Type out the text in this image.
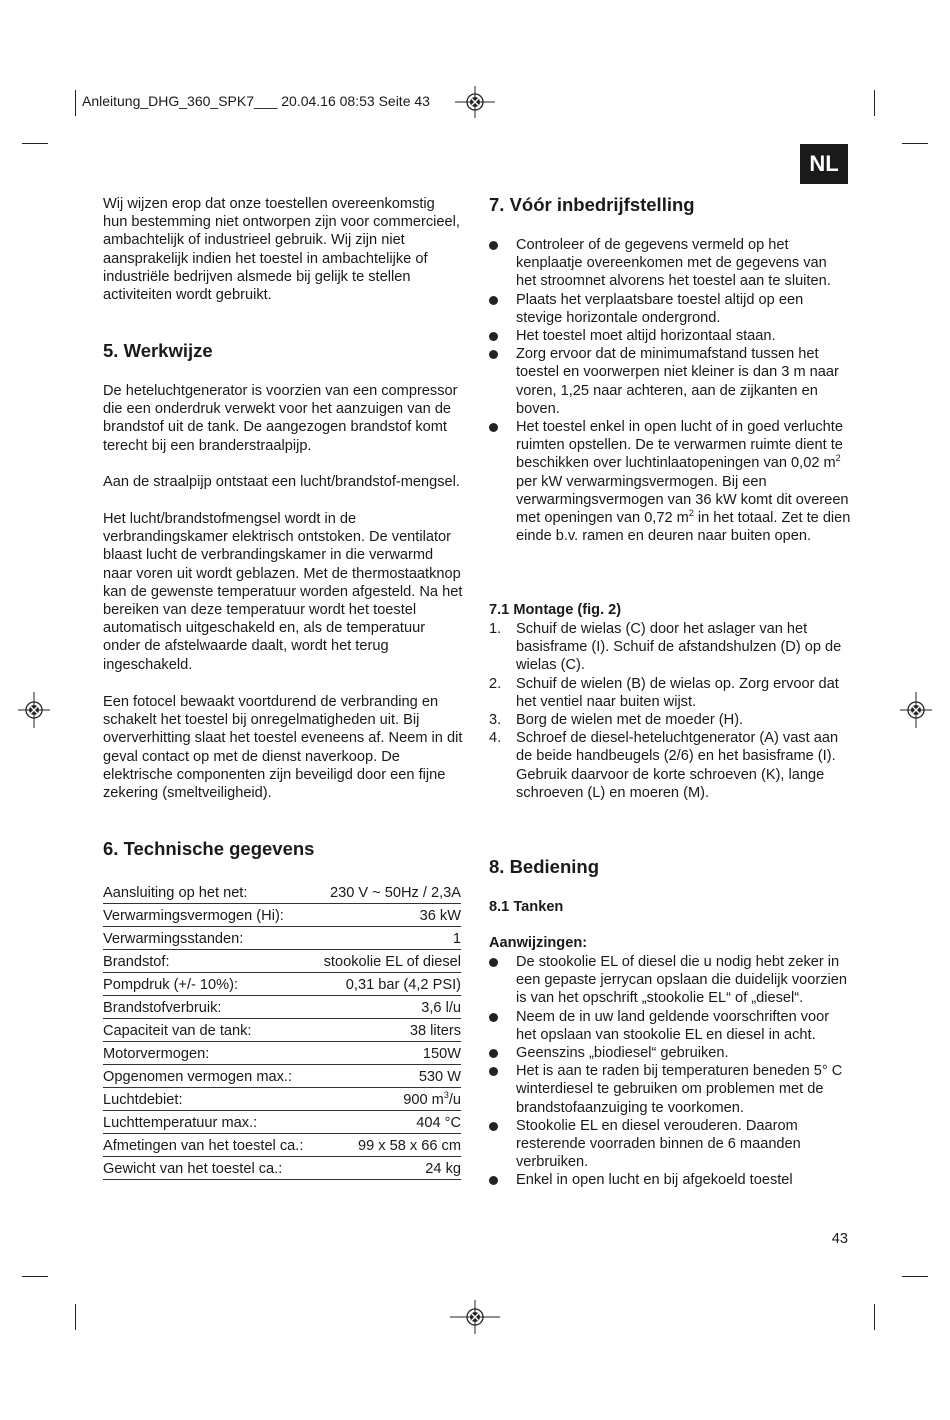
Anleitung_DHG_360_SPK7___ 20.04.16 08:53 Seite 43
NL

Wij wijzen erop dat onze toestellen overeenkomstig hun bestemming niet ontworpen zijn voor commercieel, ambachtelijk of industrieel gebruik. Wij zijn niet aansprakelijk indien het toestel in ambachtelijke of industriële bedrijven alsmede bij gelijk te stellen activiteiten wordt gebruikt.

5. Werkwijze

De heteluchtgenerator is voorzien van een compressor die een onderdruk verwekt voor het aanzuigen van de brandstof uit de tank. De aangezogen brandstof komt terecht bij een branderstraalpijp.

Aan de straalpijp ontstaat een lucht/brandstof-mengsel.

Het lucht/brandstofmengsel wordt in de verbrandingskamer elektrisch ontstoken. De ventilator blaast lucht de verbrandingskamer in die verwarmd naar voren uit wordt geblazen. Met de thermostaatknop kan de gewenste temperatuur worden afgesteld. Na het bereiken van deze temperatuur wordt het toestel automatisch uitgeschakeld en, als de temperatuur onder de afstelwaarde daalt, wordt het terug ingeschakeld.

Een fotocel bewaakt voortdurend de verbranding en schakelt het toestel bij onregelmatigheden uit. Bij oververhitting slaat het toestel eveneens af. Neem in dit geval contact op met de dienst naverkoop. De elektrische componenten zijn beveiligd door een fijne zekering (smeltveiligheid).

6. Technische gegevens
Aansluiting op het net:	230 V ~ 50Hz / 2,3A
Verwarmingsvermogen (Hi):	36 kW
Verwarmingsstanden:	1
Brandstof:	stookolie EL of diesel
Pompdruk (+/- 10%):	0,31 bar (4,2 PSI)
Brandstofverbruik:	3,6 l/u
Capaciteit van de tank:	38 liters
Motorvermogen:	150W
Opgenomen vermogen max.:	530 W
Luchtdebiet:	900 $m^3/u$
Luchttemperatuur max.:	404 °C
Afmetingen van het toestel ca.:	99 x 58 x 66 cm
Gewicht van het toestel ca.:	24 kg
7. Vóór inbedrijfstelling
Controleer of de gegevens vermeld op het kenplaatje overeenkomen met de gegevens van het stroomnet alvorens het toestel aan te sluiten.
Plaats het verplaatsbare toestel altijd op een stevige horizontale ondergrond.
Het toestel moet altijd horizontaal staan.
Zorg ervoor dat de minimumafstand tussen het toestel en voorwerpen niet kleiner is dan 3 m naar voren, 1,25 naar achteren, aan de zijkanten en boven.
Het toestel enkel in open lucht of in goed verluchte ruimten opstellen. De te verwarmen ruimte dient te beschikken over luchtinlaatopeningen van 0,02 $m^2$ per kW verwarmingsvermogen. Bij een verwarmingsvermogen van 36 kW komt dit overeen met openingen van 0,72 $m^2$ in het totaal. Zet te dien einde b.v. ramen en deuren naar buiten open.
7.1 Montage (fig. 2)
1. Schuif de wielas (C) door het aslager van het basisframe (I). Schuif de afstandshulzen (D) op de wielas (C).
2. Schuif de wielen (B) de wielas op. Zorg ervoor dat het ventiel naar buiten wijst.
3. Borg de wielen met de moeder (H).
4. Schroef de diesel-heteluchtgenerator (A) vast aan de beide handbeugels (2/6) en het basisframe (I). Gebruik daarvoor de korte schroeven (K), lange schroeven (L) en moeren (M).
8. Bediening
8.1 Tanken
Aanwijzingen:
De stookolie EL of diesel die u nodig hebt zeker in een gepaste jerrycan opslaan die duidelijk voorzien is van het opschrift „stookolie EL“ of „diesel“.
Neem de in uw land geldende voorschriften voor het opslaan van stookolie EL en diesel in acht.
Geenszins „biodiesel“ gebruiken.
Het is aan te raden bij temperaturen beneden 5° C winterdiesel te gebruiken om problemen met de brandstofaanzuiging te voorkomen.
Stookolie EL en diesel verouderen. Daarom resterende voorraden binnen de 6 maanden verbruiken.
Enkel in open lucht en bij afgekoeld toestel
43
